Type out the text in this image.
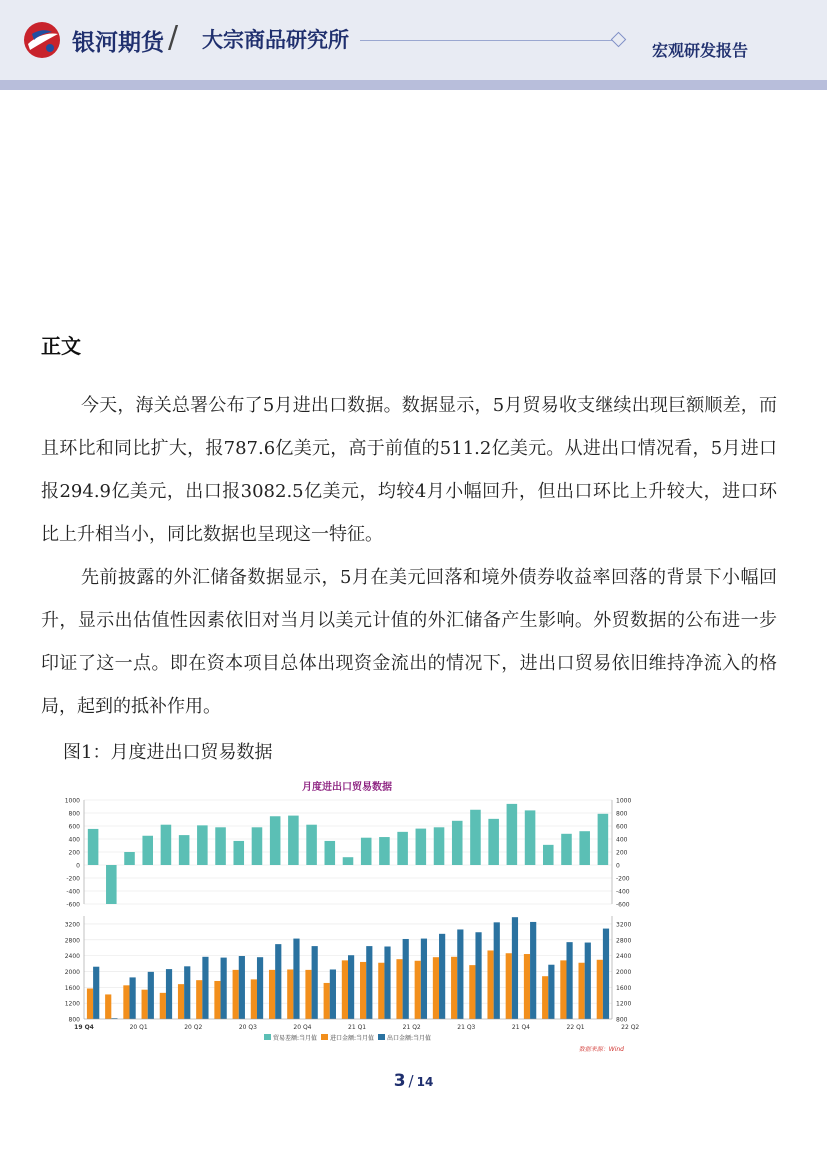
银河期货 / 大宗商品研究所	宏观研发报告
正文

今天，海关总署公布了5月进出口数据。数据显示，5月贸易收支继续出现巨额顺差，而且环比和同比扩大，报787.6亿美元，高于前值的511.2亿美元。从进出口情况看，5月进口报294.9亿美元，出口报3082.5亿美元，均较4月小幅回升，但出口环比上升较大，进口环比上升相当小，同比数据也呈现这一特征。

先前披露的外汇储备数据显示，5月在美元回落和境外债券收益率回落的背景下小幅回升，显示出估值性因素依旧对当月以美元计值的外汇储备产生影响。外贸数据的公布进一步印证了这一点。即在资本项目总体出现资金流出的情况下，进出口贸易依旧维持净流入的格局，起到的抵补作用。

图1：月度进出口贸易数据
月度进出口贸易数据
1000	1000
800	800
600	600
400	400
200	200
0	0
-200	-200
-400	-400
-600	-600
3200	3200
2800	2800
2400	2400
2000	2000
1600	1600
1200	1200
800	800
19 Q4	20 Q1	20 Q2	20 Q3	20 Q4	21 Q1	21 Q2	21 Q3	21 Q4	22 Q1	22 Q2
贸易差额:当月值 进口金额:当月值 出口金额:当月值
数据来源：Wind
3 / 14
